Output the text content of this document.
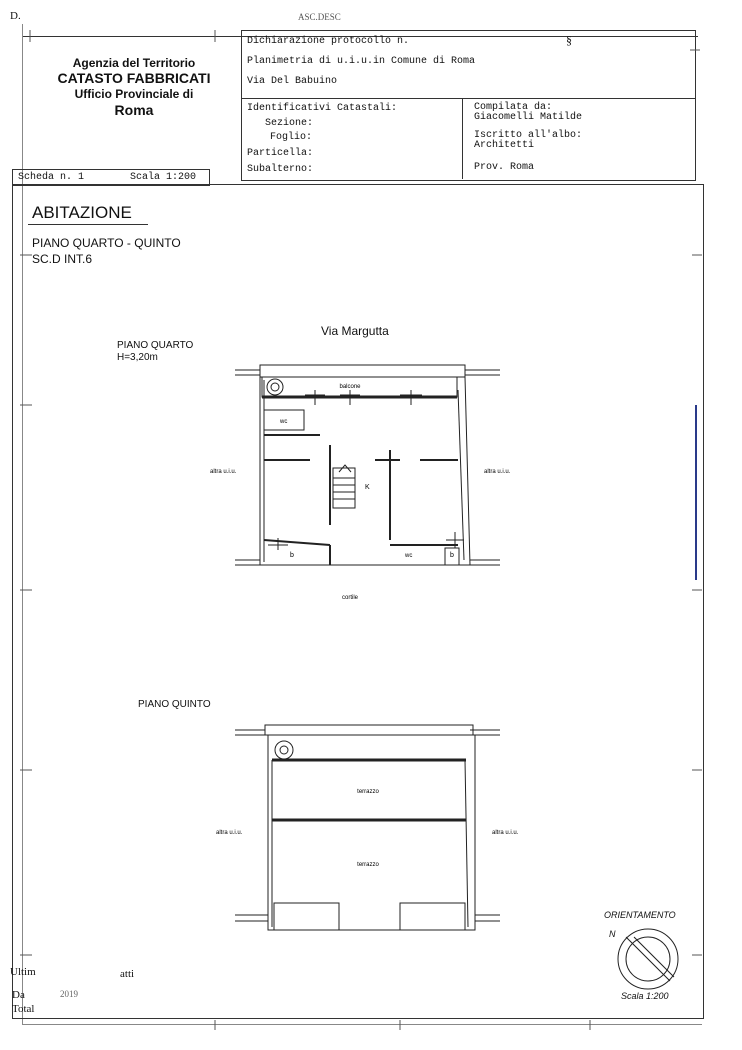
D.	ASC.DESC
Agenzia del Territorio
CATASTO FABBRICATI
Ufficio Provinciale di
Roma
Dichiarazione protocollo n.	§
Planimetria di u.i.u.in Comune di Roma
Via Del Babuino
Identificativi Catastali:
Sezione:
Foglio:
Particella:
Subalterno:
Compilata da:
Giacomelli Matilde
Iscritto all'albo:
Architetti
Prov. Roma
Scheda n. 1	Scala 1:200
ABITAZIONE
PIANO QUARTO - QUINTO
SC.D INT.6
Via Margutta
PIANO QUARTO
H=3,20m
balcone
wc
K
b	wc	b
altra u.i.u.	altra u.i.u.
cortile
PIANO QUINTO
terrazzo
terrazzo
altra u.i.u.	altra u.i.u.
ORIENTAMENTO
N
Scala 1:200
Ultim	atti
Da	2019
Total
